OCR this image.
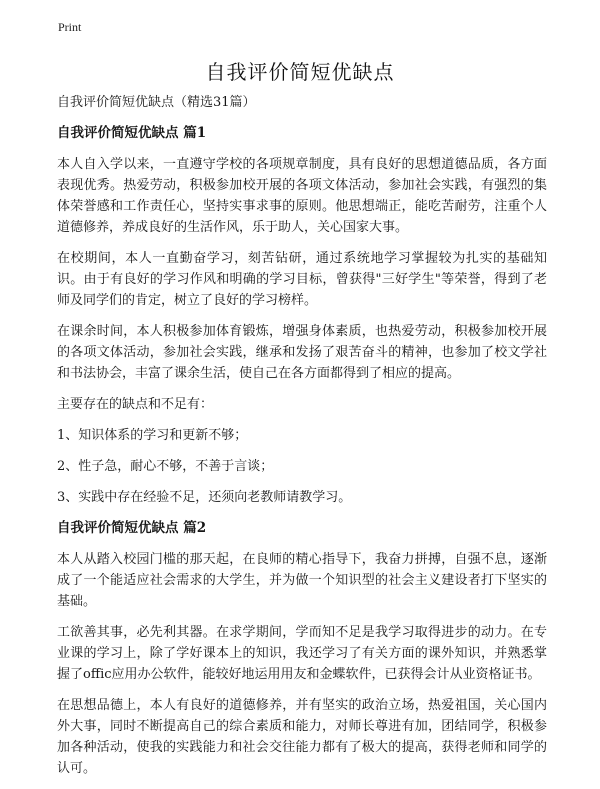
Print
自我评价简短优缺点
自我评价简短优缺点（精选31篇）
自我评价简短优缺点 篇1
本人自入学以来，一直遵守学校的各项规章制度，具有良好的思想道德品质，各方面表现优秀。热爱劳动，积极参加校开展的各项文体活动，参加社会实践，有强烈的集体荣誉感和工作责任心，坚持实事求事的原则。他思想端正，能吃苦耐劳，注重个人道德修养，养成良好的生活作风，乐于助人，关心国家大事。
在校期间，本人一直勤奋学习，刻苦钻研，通过系统地学习掌握较为扎实的基础知识。由于有良好的学习作风和明确的学习目标，曾获得"三好学生"等荣誉，得到了老师及同学们的肯定，树立了良好的学习榜样。
在课余时间，本人积极参加体育锻炼，增强身体素质，也热爱劳动，积极参加校开展的各项文体活动，参加社会实践，继承和发扬了艰苦奋斗的精神，也参加了校文学社和书法协会，丰富了课余生活，使自己在各方面都得到了相应的提高。
主要存在的缺点和不足有：
1、知识体系的学习和更新不够；
2、性子急，耐心不够，不善于言谈；
3、实践中存在经验不足，还须向老教师请教学习。
自我评价简短优缺点 篇2
本人从踏入校园门槛的那天起，在良师的精心指导下，我奋力拼搏，自强不息，逐渐成了一个能适应社会需求的大学生，并为做一个知识型的社会主义建设者打下坚实的基础。
工欲善其事，必先利其器。在求学期间，学而知不足是我学习取得进步的动力。在专业课的学习上，除了学好课本上的知识，我还学习了有关方面的课外知识，并熟悉掌握了offic应用办公软件，能较好地运用用友和金蝶软件，已获得会计从业资格证书。
在思想品德上，本人有良好的道德修养，并有坚实的政治立场，热爱祖国，关心国内外大事，同时不断提高自己的综合素质和能力，对师长尊进有加，团结同学，积极参加各种活动，使我的实践能力和社会交往能力都有了极大的提高，获得老师和同学的认可。
